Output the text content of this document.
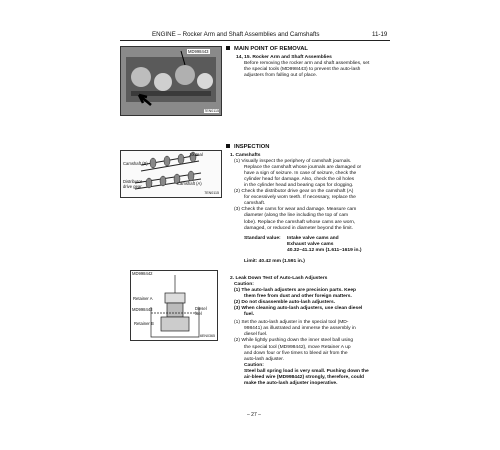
ENGINE – Rocker Arm and Shaft Assemblies and Camshafts	11-19
MD998443
7EN0115
Journal
Camshaft (B)
Distributor drive gear
Camshaft (A)
7EN0115
MD998442
Retainer A
MD998443	Diesel fuel
Retainer B
6EN0365
MAIN POINT OF REMOVAL

14, 15. Rocker Arm and Shaft Assemblies

Before removing the rocker arm and shaft assemblies, set

the special tools (MD998443) to prevent the auto-lash

adjusters from falling out of place.

INSPECTION

1. Camshafts

(1) Visually inspect the periphery of camshaft journals.

Replace the camshaft whose journals are damaged or

have a sign of seizure. In case of seizure, check the

cylinder head for damage. Also, check the oil holes

in the cylinder head and bearing caps for clogging.

(2) Check the distributor drive gear on the camshaft (A)

for excessively worn teeth. If necessary, replace the

camshaft.

(3) Check the cams for wear and damage. Measure cam

diameter (along the line including the top of cam

lobe). Replace the camshaft whose cams are worn,

damaged, or reduced in diameter beyond the limit.

Standard value: Intake valve cams and

Exhaust valve cams

40.32–41.12 mm (1.611–1619 in.)

Limit: 40.42 mm (1.591 in.)

2. Leak Down Test of Auto-Lash Adjusters

Caution:

(1) The auto-lash adjusters are precision parts. Keep

them free from dust and other foreign matters.

(2) Do not disassemble auto-lash adjusters.

(3) When cleaning auto-lash adjusters, use clean diesel

fuel.

(1) Set the auto-lash adjuster in the special tool (MD-

998441) as illustrated and immerse the assembly in

diesel fuel.

(2) While lightly pushing down the inner steel ball using

the special tool (MD998442), move Retainer A up

and down four or five times to bleed air from the

auto-lash adjuster.

Caution:

Steel ball spring load is very small. Pushing down the

air-bleed wire (MD998442) strongly, therefore, could

make the auto-lash adjuster inoperative.

– 27 –
